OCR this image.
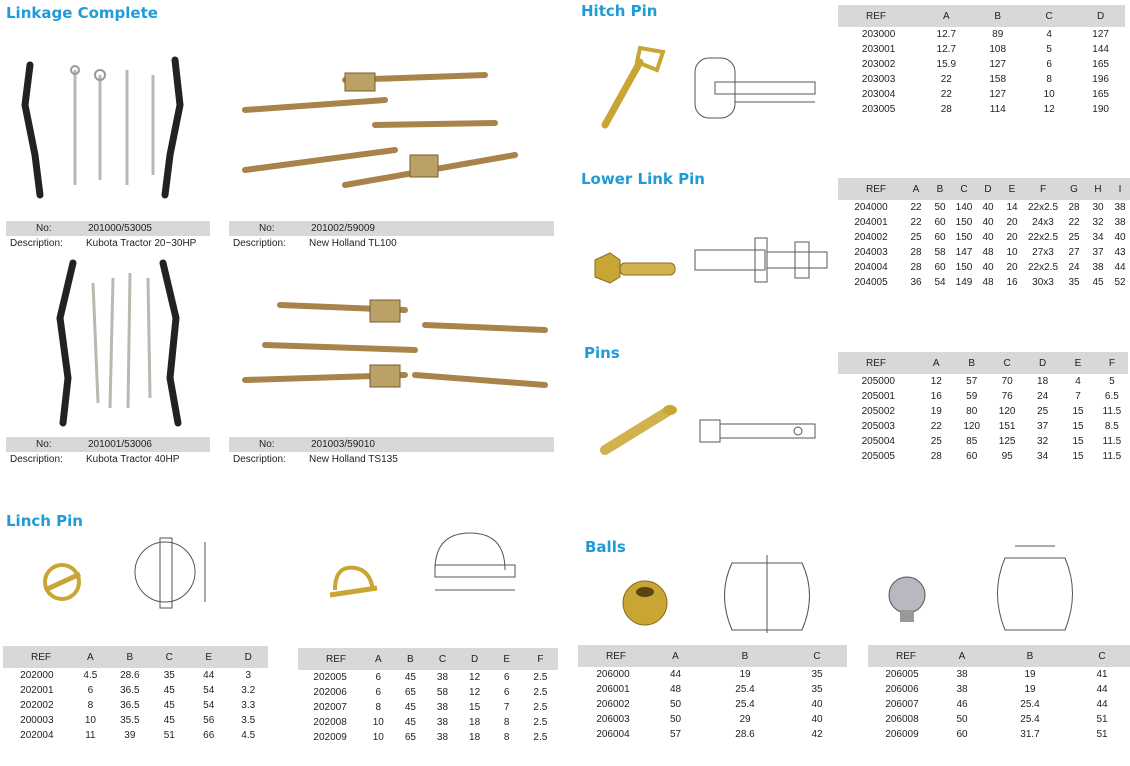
Linkage Complete	Hitch Pin
Lower Link Pin
Pins
Linch Pin
Balls
No:	201000/53005
Description:	Kubota Tractor 20~30HP
No:	201002/59009
Description:	New Holland TL100
No:	201001/53006
Description:	Kubota Tractor 40HP
No:	201003/59010
Description:	New Holland TS135
REF	A	B	C	D
203000	12.7	89	4	127
203001	12.7	108	5	144
203002	15.9	127	6	165
203003	22	158	8	196
203004	22	127	10	165
203005	28	114	12	190
REF	A	B	C	D	E	F	G	H	I
204000	22	50	140	40	14	22x2.5	28	30	38
204001	22	60	150	40	20	24x3	22	32	38
204002	25	60	150	40	20	22x2.5	25	34	40
204003	28	58	147	48	10	27x3	27	37	43
204004	28	60	150	40	20	22x2.5	24	38	44
204005	36	54	149	48	16	30x3	35	45	52
REF	A	B	C	D	E	F
205000	12	57	70	18	4	5
205001	16	59	76	24	7	6.5
205002	19	80	120	25	15	11.5
205003	22	120	151	37	15	8.5
205004	25	85	125	32	15	11.5
205005	28	60	95	34	15	11.5
REF	A	B	C	E	D
202000	4.5	28.6	35	44	3
202001	6	36.5	45	54	3.2
202002	8	36.5	45	54	3.3
200003	10	35.5	45	56	3.5
202004	11	39	51	66	4.5
REF	A	B	C	D	E	F
202005	6	45	38	12	6	2.5
202006	6	65	58	12	6	2.5
202007	8	45	38	15	7	2.5
202008	10	45	38	18	8	2.5
202009	10	65	38	18	8	2.5
REF	A	B	C
206000	44	19	35
206001	48	25.4	35
206002	50	25.4	40
206003	50	29	40
206004	57	28.6	42
REF	A	B	C
206005	38	19	41
206006	38	19	44
206007	46	25.4	44
206008	50	25.4	51
206009	60	31.7	51
